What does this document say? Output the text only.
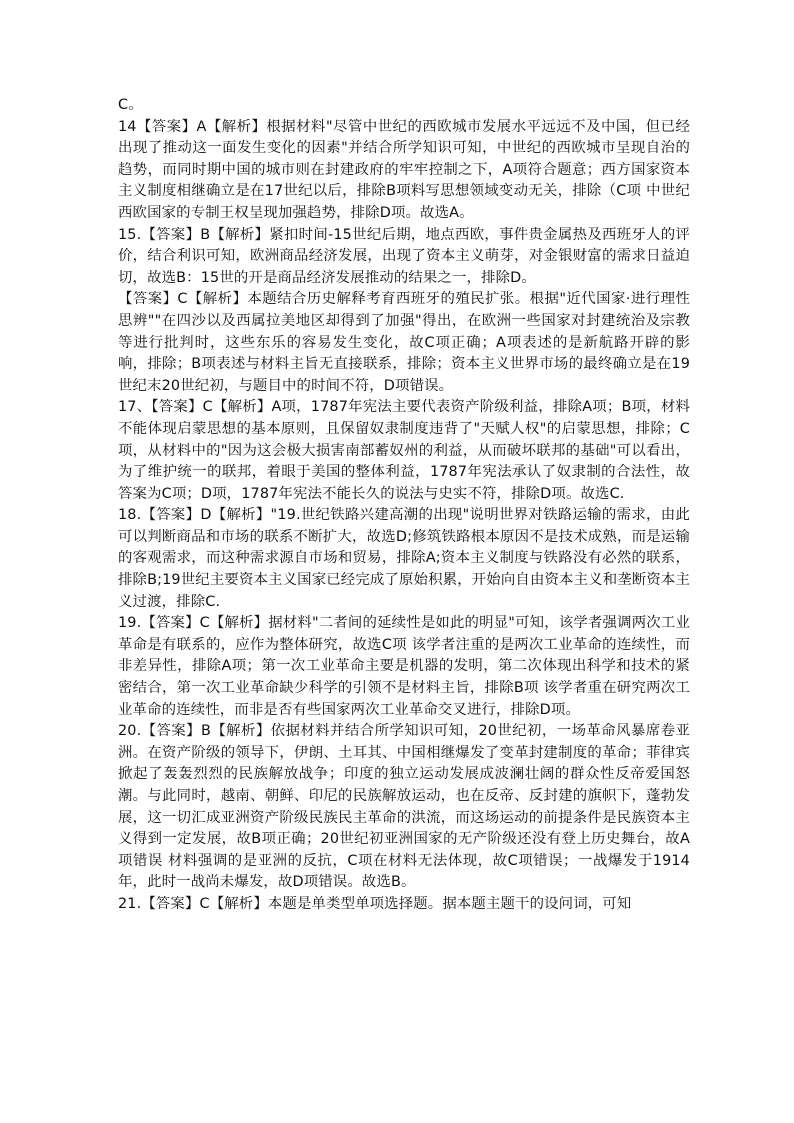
C。

14【答案】A【解析】根据材料"尽管中世纪的西欧城市发展水平远远不及中国，但已经出现了推动这一面发生变化的因素"并结合所学知识可知，中世纪的西欧城市呈现自治的趋势，而同时期中国的城市则在封建政府的牢牢控制之下，A项符合题意；西方国家资本主义制度相继确立是在17世纪以后，排除B项料写思想领域变动无关，排除（C项 中世纪西欧国家的专制王权呈现加强趋势，排除D项。故选A。

15.【答案】B【解析】紧扣时间-15世纪后期，地点西欧，事件贵金属热及西班牙人的评价，结合利识可知，欧洲商品经济发展，出现了资本主义萌芽，对金银财富的需求日益迫切，故选B：15世的开是商品经济发展推动的结果之一，排除D。

【答案】C【解析】本题结合历史解释考育西班牙的殖民扩张。根据"近代国家·进行理性思辨""在四沙以及西属拉美地区却得到了加强"得出，在欧洲一些国家对封建统治及宗教等进行批判时，这些东乐的容易发生变化，故C项正确；A项表述的是新航路开辟的影响，排除；B项表述与材料主旨无直接联系，排除；资本主义世界市场的最终确立是在19世纪末20世纪初，与题目中的时间不符，D项错误。

17、【答案】C【解析】A项，1787年宪法主要代表资产阶级利益，排除A项；B项，材料不能体现启蒙思想的基本原则，且保留奴隶制度违背了"天赋人权"的启蒙思想，排除；C项，从材料中的"因为这会极大损害南部蓄奴州的利益，从而破坏联邦的基础"可以看出，为了维护统一的联邦，着眼于美国的整体利益，1787年宪法承认了奴隶制的合法性，故答案为C项；D项，1787年宪法不能长久的说法与史实不符，排除D项。故选C.

18.【答案】D【解析】"19.世纪铁路兴建高潮的出现"说明世界对铁路运输的需求，由此可以判断商品和市场的联系不断扩大，故选D;修筑铁路根本原因不是技术成熟，而是运输的客观需求，而这种需求源自市场和贸易，排除A;资本主义制度与铁路没有必然的联系，排除B;19世纪主要资本主义国家已经完成了原始积累，开始向自由资本主义和垄断资本主义过渡，排除C.

19.【答案】C【解析】据材料"二者间的延续性是如此的明显"可知，该学者强调两次工业革命是有联系的，应作为整体研究，故选C项 该学者注重的是两次工业革命的连续性，而非差异性，排除A项；第一次工业革命主要是机器的发明，第二次体现出科学和技术的紧密结合，第一次工业革命缺少科学的引领不是材料主旨，排除B项 该学者重在研究两次工业革命的连续性，而非是否有些国家两次工业革命交叉进行，排除D项。

20.【答案】B【解析】依据材料并结合所学知识可知，20世纪初，一场革命风暴席卷亚洲。在资产阶级的领导下，伊朗、土耳其、中国相继爆发了变革封建制度的革命；菲律宾掀起了轰轰烈烈的民族解放战争；印度的独立运动发展成波澜壮阔的群众性反帝爱国怒潮。与此同时，越南、朝鲜、印尼的民族解放运动，也在反帝、反封建的旗帜下，蓬勃发展，这一切汇成亚洲资产阶级民族民主革命的洪流，而这场运动的前提条件是民族资本主义得到一定发展，故B项正确；20世纪初亚洲国家的无产阶级还没有登上历史舞台，故A项错误 材料强调的是亚洲的反抗，C项在材料无法体现，故C项错误；一战爆发于1914年，此时一战尚未爆发，故D项错误。故选B。

21.【答案】C【解析】本题是单类型单项选择题。据本题主题干的设问词，可知
